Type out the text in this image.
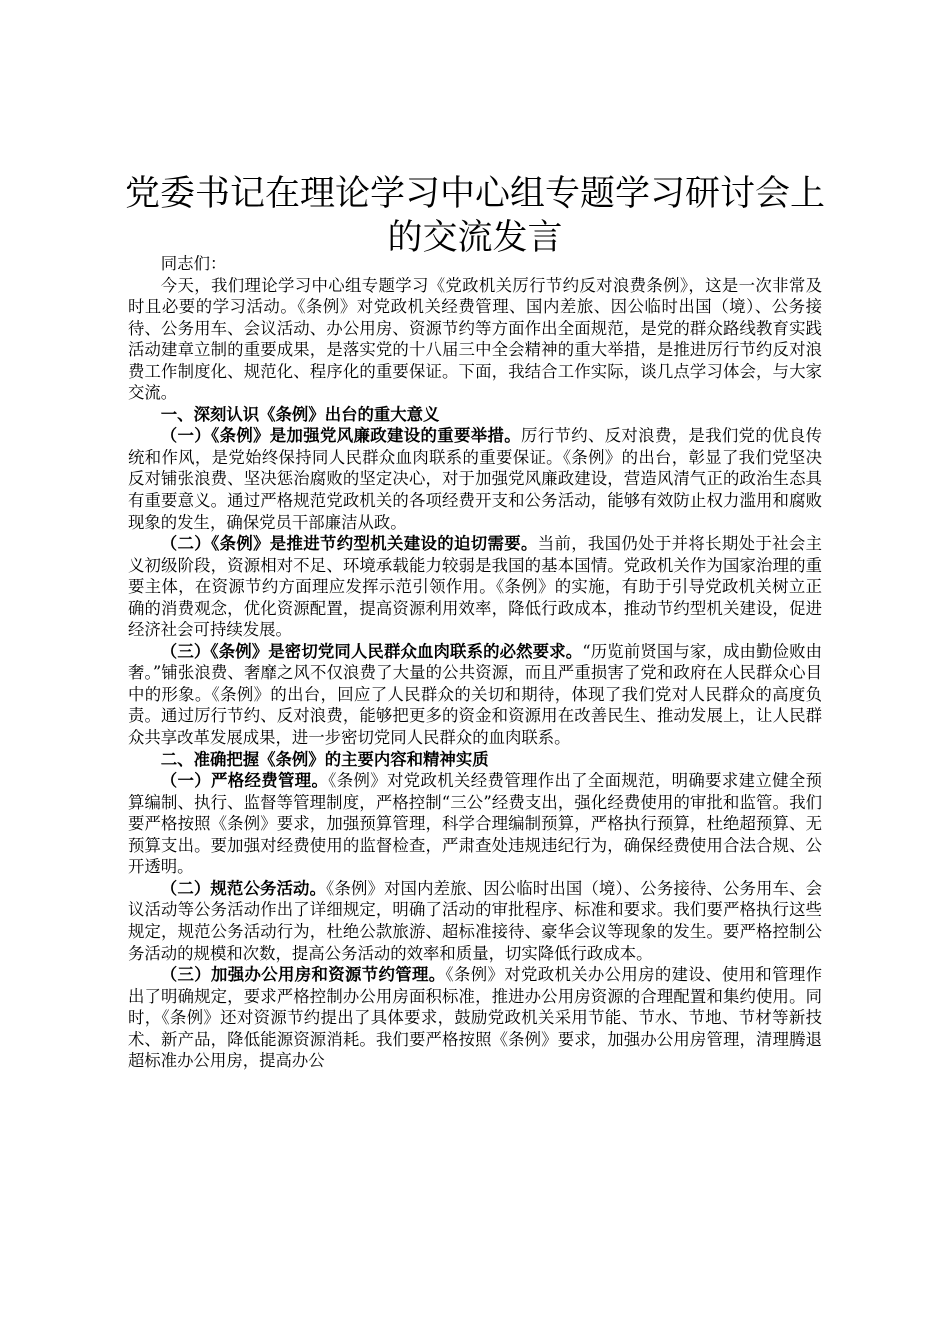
党委书记在理论学习中心组专题学习研讨会上的交流发言

同志们：

今天，我们理论学习中心组专题学习《党政机关厉行节约反对浪费条例》，这是一次非常及时且必要的学习活动。《条例》对党政机关经费管理、国内差旅、因公临时出国（境）、公务接待、公务用车、会议活动、办公用房、资源节约等方面作出全面规范，是党的群众路线教育实践活动建章立制的重要成果，是落实党的十八届三中全会精神的重大举措，是推进厉行节约反对浪费工作制度化、规范化、程序化的重要保证。下面，我结合工作实际，谈几点学习体会，与大家交流。

一、深刻认识《条例》出台的重大意义

（一）《条例》是加强党风廉政建设的重要举措。厉行节约、反对浪费，是我们党的优良传统和作风，是党始终保持同人民群众血肉联系的重要保证。《条例》的出台，彰显了我们党坚决反对铺张浪费、坚决惩治腐败的坚定决心，对于加强党风廉政建设，营造风清气正的政治生态具有重要意义。通过严格规范党政机关的各项经费开支和公务活动，能够有效防止权力滥用和腐败现象的发生，确保党员干部廉洁从政。

（二）《条例》是推进节约型机关建设的迫切需要。当前，我国仍处于并将长期处于社会主义初级阶段，资源相对不足、环境承载能力较弱是我国的基本国情。党政机关作为国家治理的重要主体，在资源节约方面理应发挥示范引领作用。《条例》的实施，有助于引导党政机关树立正确的消费观念，优化资源配置，提高资源利用效率，降低行政成本，推动节约型机关建设，促进经济社会可持续发展。

（三）《条例》是密切党同人民群众血肉联系的必然要求。“历览前贤国与家，成由勤俭败由奢。”铺张浪费、奢靡之风不仅浪费了大量的公共资源，而且严重损害了党和政府在人民群众心目中的形象。《条例》的出台，回应了人民群众的关切和期待，体现了我们党对人民群众的高度负责。通过厉行节约、反对浪费，能够把更多的资金和资源用在改善民生、推动发展上，让人民群众共享改革发展成果，进一步密切党同人民群众的血肉联系。

二、准确把握《条例》的主要内容和精神实质

（一）严格经费管理。《条例》对党政机关经费管理作出了全面规范，明确要求建立健全预算编制、执行、监督等管理制度，严格控制“三公”经费支出，强化经费使用的审批和监管。我们要严格按照《条例》要求，加强预算管理，科学合理编制预算，严格执行预算，杜绝超预算、无预算支出。要加强对经费使用的监督检查，严肃查处违规违纪行为，确保经费使用合法合规、公开透明。

（二）规范公务活动。《条例》对国内差旅、因公临时出国（境）、公务接待、公务用车、会议活动等公务活动作出了详细规定，明确了活动的审批程序、标准和要求。我们要严格执行这些规定，规范公务活动行为，杜绝公款旅游、超标准接待、豪华会议等现象的发生。要严格控制公务活动的规模和次数，提高公务活动的效率和质量，切实降低行政成本。

（三）加强办公用房和资源节约管理。《条例》对党政机关办公用房的建设、使用和管理作出了明确规定，要求严格控制办公用房面积标准，推进办公用房资源的合理配置和集约使用。同时，《条例》还对资源节约提出了具体要求，鼓励党政机关采用节能、节水、节地、节材等新技术、新产品，降低能源资源消耗。我们要严格按照《条例》要求，加强办公用房管理，清理腾退超标准办公用房，提高办公
